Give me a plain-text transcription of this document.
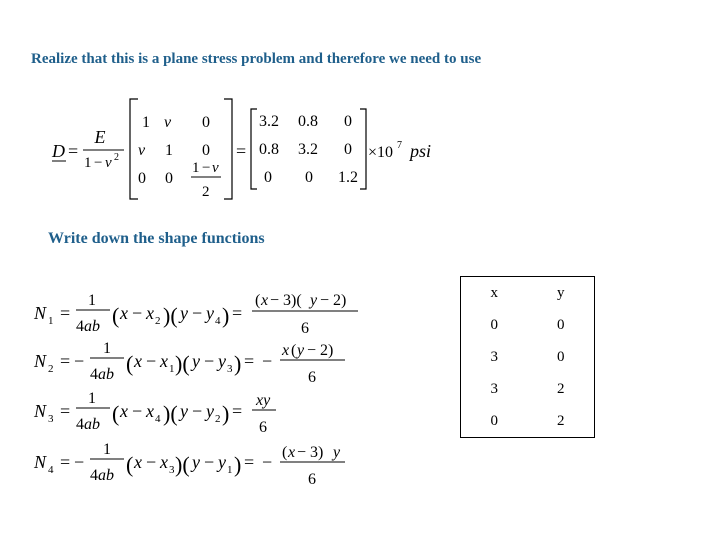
Realize that this is a plane stress problem and therefore we need to use

D =
E
1 − ν 2
1 ν 0
ν 1 0
0 0
1 − ν
2
=
3.2 0.8 0
0.8 3.2 0
0 0 1.2
×10 7 psi

Write down the shape functions

N 1 =
1
4ab ( x − x 2 )( y − y 4 ) =
( x − 3)( y − 2)
6
N 2 = −
1
4ab ( x − x 1 )( y − y 3 ) = −
x ( y − 2)
6
N 3 =
1
4ab ( x − x 4 )( y − y 2 ) =
xy
6
N 4 = −
1
4ab ( x − x 3 )( y − y 1 ) = − ( x − 3) y
6
x	y
0	0
3	0
3	2
0	2
